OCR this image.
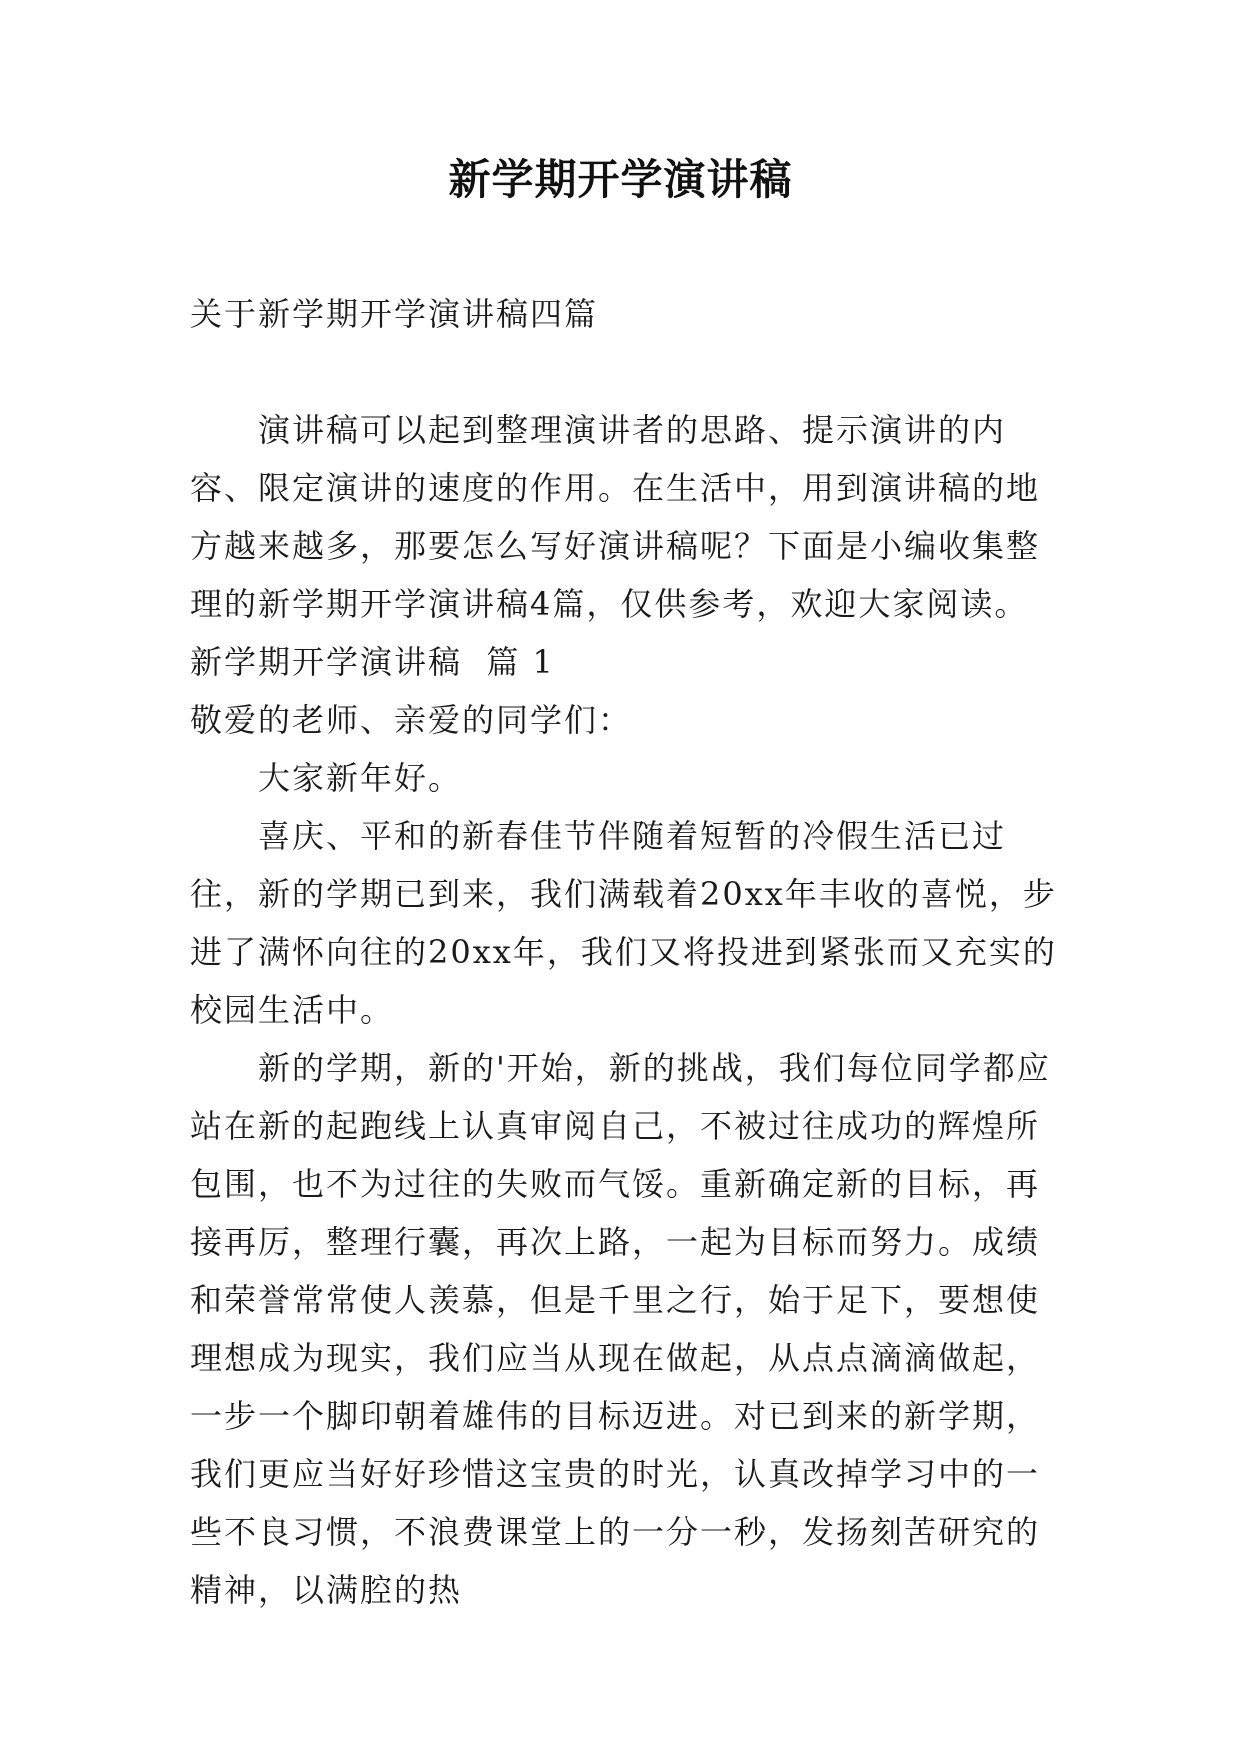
新学期开学演讲稿

关于新学期开学演讲稿四篇

演讲稿可以起到整理演讲者的思路、提示演讲的内容、限定演讲的速度的作用。在生活中，用到演讲稿的地方越来越多，那要怎么写好演讲稿呢？下面是小编收集整理的新学期开学演讲稿4篇，仅供参考，欢迎大家阅读。

新学期开学演讲稿  篇 1

敬爱的老师、亲爱的同学们：

大家新年好。

喜庆、平和的新春佳节伴随着短暂的冷假生活已过往，新的学期已到来，我们满载着20xx年丰收的喜悦，步进了满怀向往的20xx年，我们又将投进到紧张而又充实的校园生活中。

新的学期，新的'开始，新的挑战，我们每位同学都应站在新的起跑线上认真审阅自己，不被过往成功的辉煌所包围，也不为过往的失败而气馁。重新确定新的目标，再接再厉，整理行囊，再次上路，一起为目标而努力。成绩和荣誉常常使人羡慕，但是千里之行，始于足下，要想使理想成为现实，我们应当从现在做起，从点点滴滴做起，一步一个脚印朝着雄伟的目标迈进。对已到来的新学期，我们更应当好好珍惜这宝贵的时光，认真改掉学习中的一些不良习惯，不浪费课堂上的一分一秒，发扬刻苦研究的精神，以满腔的热
